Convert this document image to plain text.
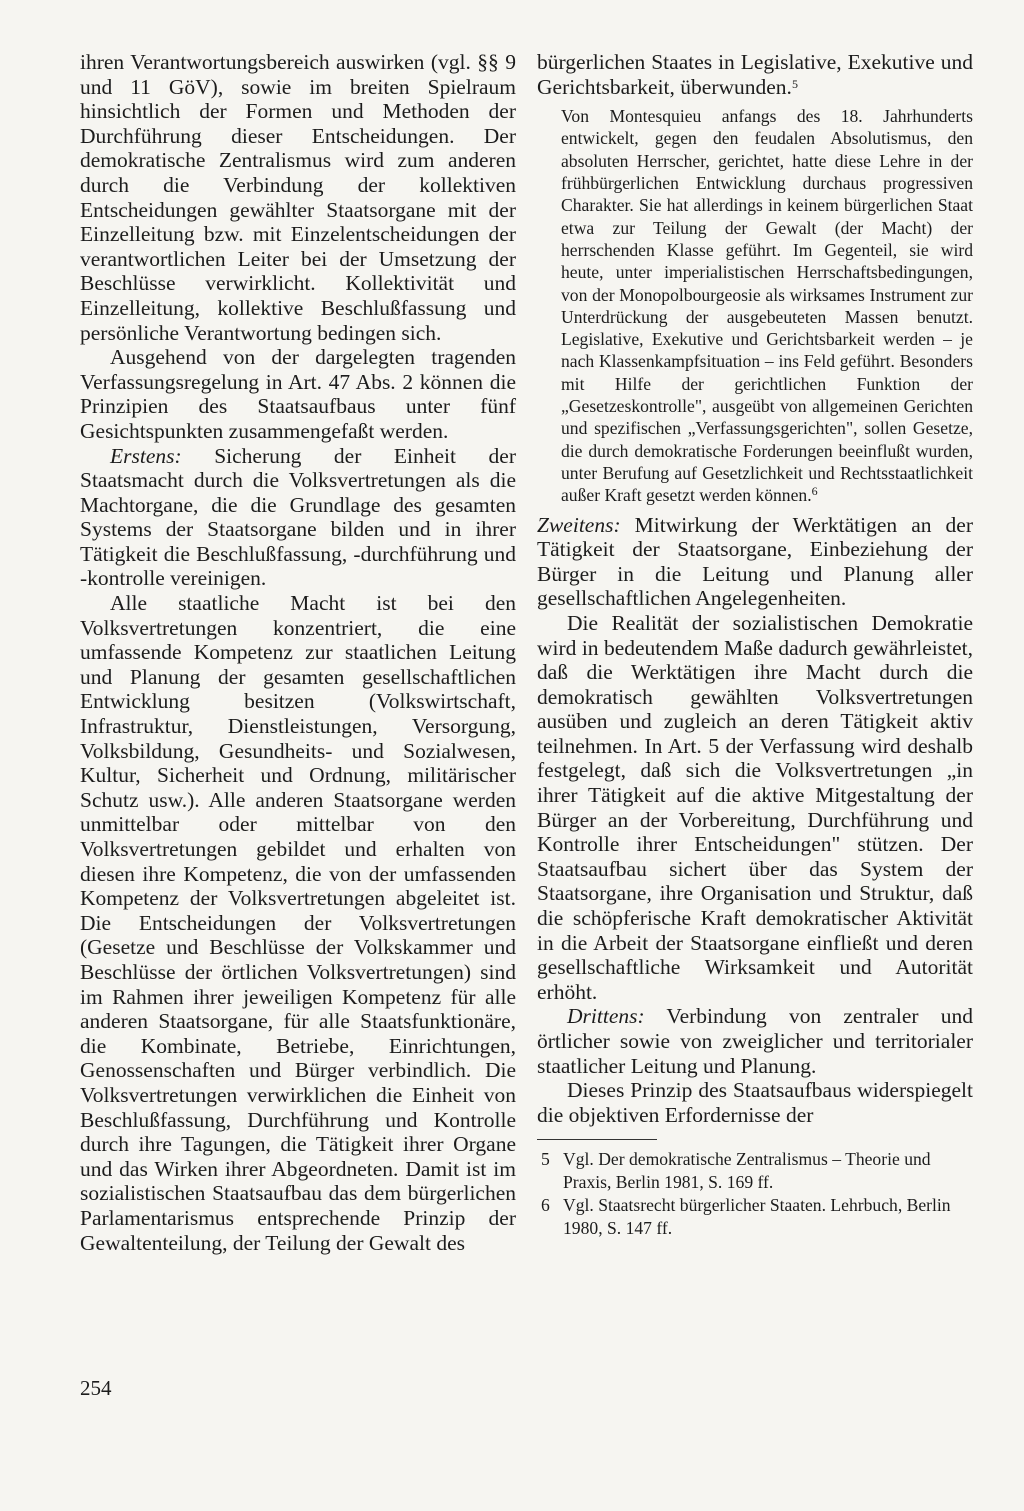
ihren Verantwortungsbereich auswirken (vgl. §§ 9 und 11 GöV), sowie im breiten Spielraum hinsichtlich der Formen und Methoden der Durchführung dieser Entscheidungen. Der demokratische Zentralismus wird zum anderen durch die Verbindung der kollektiven Entscheidungen gewählter Staatsorgane mit der Einzelleitung bzw. mit Einzelentscheidungen der verantwortlichen Leiter bei der Umsetzung der Beschlüsse verwirklicht. Kollektivität und Einzelleitung, kollektive Beschlußfassung und persönliche Verantwortung bedingen sich.

Ausgehend von der dargelegten tragenden Verfassungsregelung in Art. 47 Abs. 2 können die Prinzipien des Staatsaufbaus unter fünf Gesichtspunkten zusammengefaßt werden.

Erstens: Sicherung der Einheit der Staatsmacht durch die Volksvertretungen als die Machtorgane, die die Grundlage des gesamten Systems der Staatsorgane bilden und in ihrer Tätigkeit die Beschlußfassung, -durchführung und -kontrolle vereinigen.

Alle staatliche Macht ist bei den Volksvertretungen konzentriert, die eine umfassende Kompetenz zur staatlichen Leitung und Planung der gesamten gesellschaftlichen Entwicklung besitzen (Volkswirtschaft, Infrastruktur, Dienstleistungen, Versorgung, Volksbildung, Gesundheits- und Sozialwesen, Kultur, Sicherheit und Ordnung, militärischer Schutz usw.). Alle anderen Staatsorgane werden unmittelbar oder mittelbar von den Volksvertretungen gebildet und erhalten von diesen ihre Kompetenz, die von der umfassenden Kompetenz der Volksvertretungen abgeleitet ist. Die Entscheidungen der Volksvertretungen (Gesetze und Beschlüsse der Volkskammer und Beschlüsse der örtlichen Volksvertretungen) sind im Rahmen ihrer jeweiligen Kompetenz für alle anderen Staatsorgane, für alle Staatsfunktionäre, die Kombinate, Betriebe, Einrichtungen, Genossenschaften und Bürger verbindlich. Die Volksvertretungen verwirklichen die Einheit von Beschlußfassung, Durchführung und Kontrolle durch ihre Tagungen, die Tätigkeit ihrer Organe und das Wirken ihrer Abgeordneten. Damit ist im sozialistischen Staatsaufbau das dem bürgerlichen Parlamentarismus entsprechende Prinzip der Gewaltenteilung, der Teilung der Gewalt des

bürgerlichen Staates in Legislative, Exekutive und Gerichtsbarkeit, überwunden.$^5$

Von Montesquieu anfangs des 18. Jahrhunderts entwickelt, gegen den feudalen Absolutismus, den absoluten Herrscher, gerichtet, hatte diese Lehre in der frühbürgerlichen Entwicklung durchaus progressiven Charakter. Sie hat allerdings in keinem bürgerlichen Staat etwa zur Teilung der Gewalt (der Macht) der herrschenden Klasse geführt. Im Gegenteil, sie wird heute, unter imperialistischen Herrschaftsbedingungen, von der Monopolbourgeosie als wirksames Instrument zur Unterdrückung der ausgebeuteten Massen benutzt. Legislative, Exekutive und Gerichtsbarkeit werden – je nach Klassenkampfsituation – ins Feld geführt. Besonders mit Hilfe der gerichtlichen Funktion der „Gesetzeskontrolle", ausgeübt von allgemeinen Gerichten und spezifischen „Verfassungsgerichten", sollen Gesetze, die durch demokratische Forderungen beeinflußt wurden, unter Berufung auf Gesetzlichkeit und Rechtsstaatlichkeit außer Kraft gesetzt werden können.$^6$

Zweitens: Mitwirkung der Werktätigen an der Tätigkeit der Staatsorgane, Einbeziehung der Bürger in die Leitung und Planung aller gesellschaftlichen Angelegenheiten.

Die Realität der sozialistischen Demokratie wird in bedeutendem Maße dadurch gewährleistet, daß die Werktätigen ihre Macht durch die demokratisch gewählten Volksvertretungen ausüben und zugleich an deren Tätigkeit aktiv teilnehmen. In Art. 5 der Verfassung wird deshalb festgelegt, daß sich die Volksvertretungen „in ihrer Tätigkeit auf die aktive Mitgestaltung der Bürger an der Vorbereitung, Durchführung und Kontrolle ihrer Entscheidungen" stützen. Der Staatsaufbau sichert über das System der Staatsorgane, ihre Organisation und Struktur, daß die schöpferische Kraft demokratischer Aktivität in die Arbeit der Staatsorgane einfließt und deren gesellschaftliche Wirksamkeit und Autorität erhöht.

Drittens: Verbindung von zentraler und örtlicher sowie von zweiglicher und territorialer staatlicher Leitung und Planung.

Dieses Prinzip des Staatsaufbaus widerspiegelt die objektiven Erfordernisse der

5 Vgl. Der demokratische Zentralismus – Theorie und Praxis, Berlin 1981, S. 169 ff.
6 Vgl. Staatsrecht bürgerlicher Staaten. Lehrbuch, Berlin 1980, S. 147 ff.
254
